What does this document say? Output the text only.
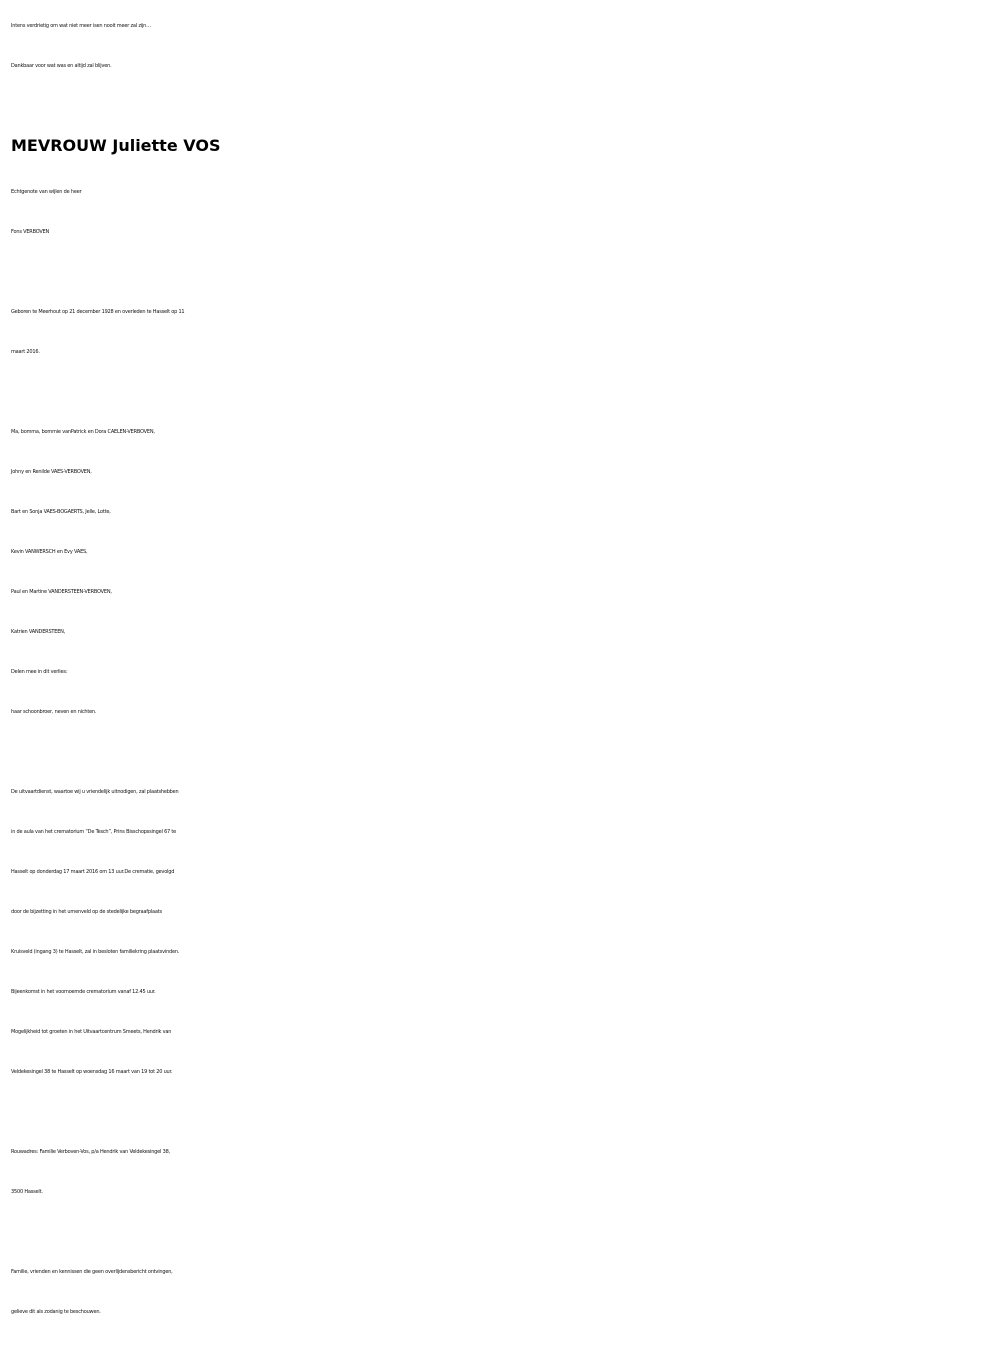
Intens verdrietig om wat niet meer isen nooit meer zal zijn…
Dankbaar voor wat was en altijd zal blijven.
MEVROUW Juliette VOS
Echtgenote van wijlen de heer
Fons VERBOVEN
Geboren te Meerhout op 21 december 1928 en overleden te Hasselt op 11
maart 2016.
Ma, bomma, bommie vanPatrick en Dora CAELEN-VERBOVEN,
Johny en Renilde VAES-VERBOVEN,
Bart en Sonja VAES-BOGAERTS, Jelle, Lotte,
Kevin VANWERSCH en Evy VAES,
Paul en Martine VANDERSTEEN-VERBOVEN,
Katrien VANDERSTEEN,
Delen mee in dit verlies:
haar schoonbroer, neven en nichten.
De uitvaartdienst, waartoe wij u vriendelijk uitnodigen, zal plaatshebben
in de aula van het crematorium “De Tesch”, Prins Bisschopssingel 67 te
Hasselt op donderdag 17 maart 2016 om 13 uur.De crematie, gevolgd
door de bijzetting in het urnenveld op de stedelijke begraafplaats
Kruisveld (ingang 3) te Hasselt, zal in besloten familiekring plaatsvinden.
Bijeenkomst in het voornoemde crematorium vanaf 12.45 uur.
Mogelijkheid tot groeten in het Uitvaartcentrum Smeets, Hendrik van
Veldekesingel 38 te Hasselt op woensdag 16 maart van 19 tot 20 uur.
Rouwadres: Familie Verboven-Vos, p/a Hendrik van Veldekesingel 38,
3500 Hasselt.
Familie, vrienden en kennissen die geen overlijdensbericht ontvingen,
gelieve dit als zodanig te beschouwen.
